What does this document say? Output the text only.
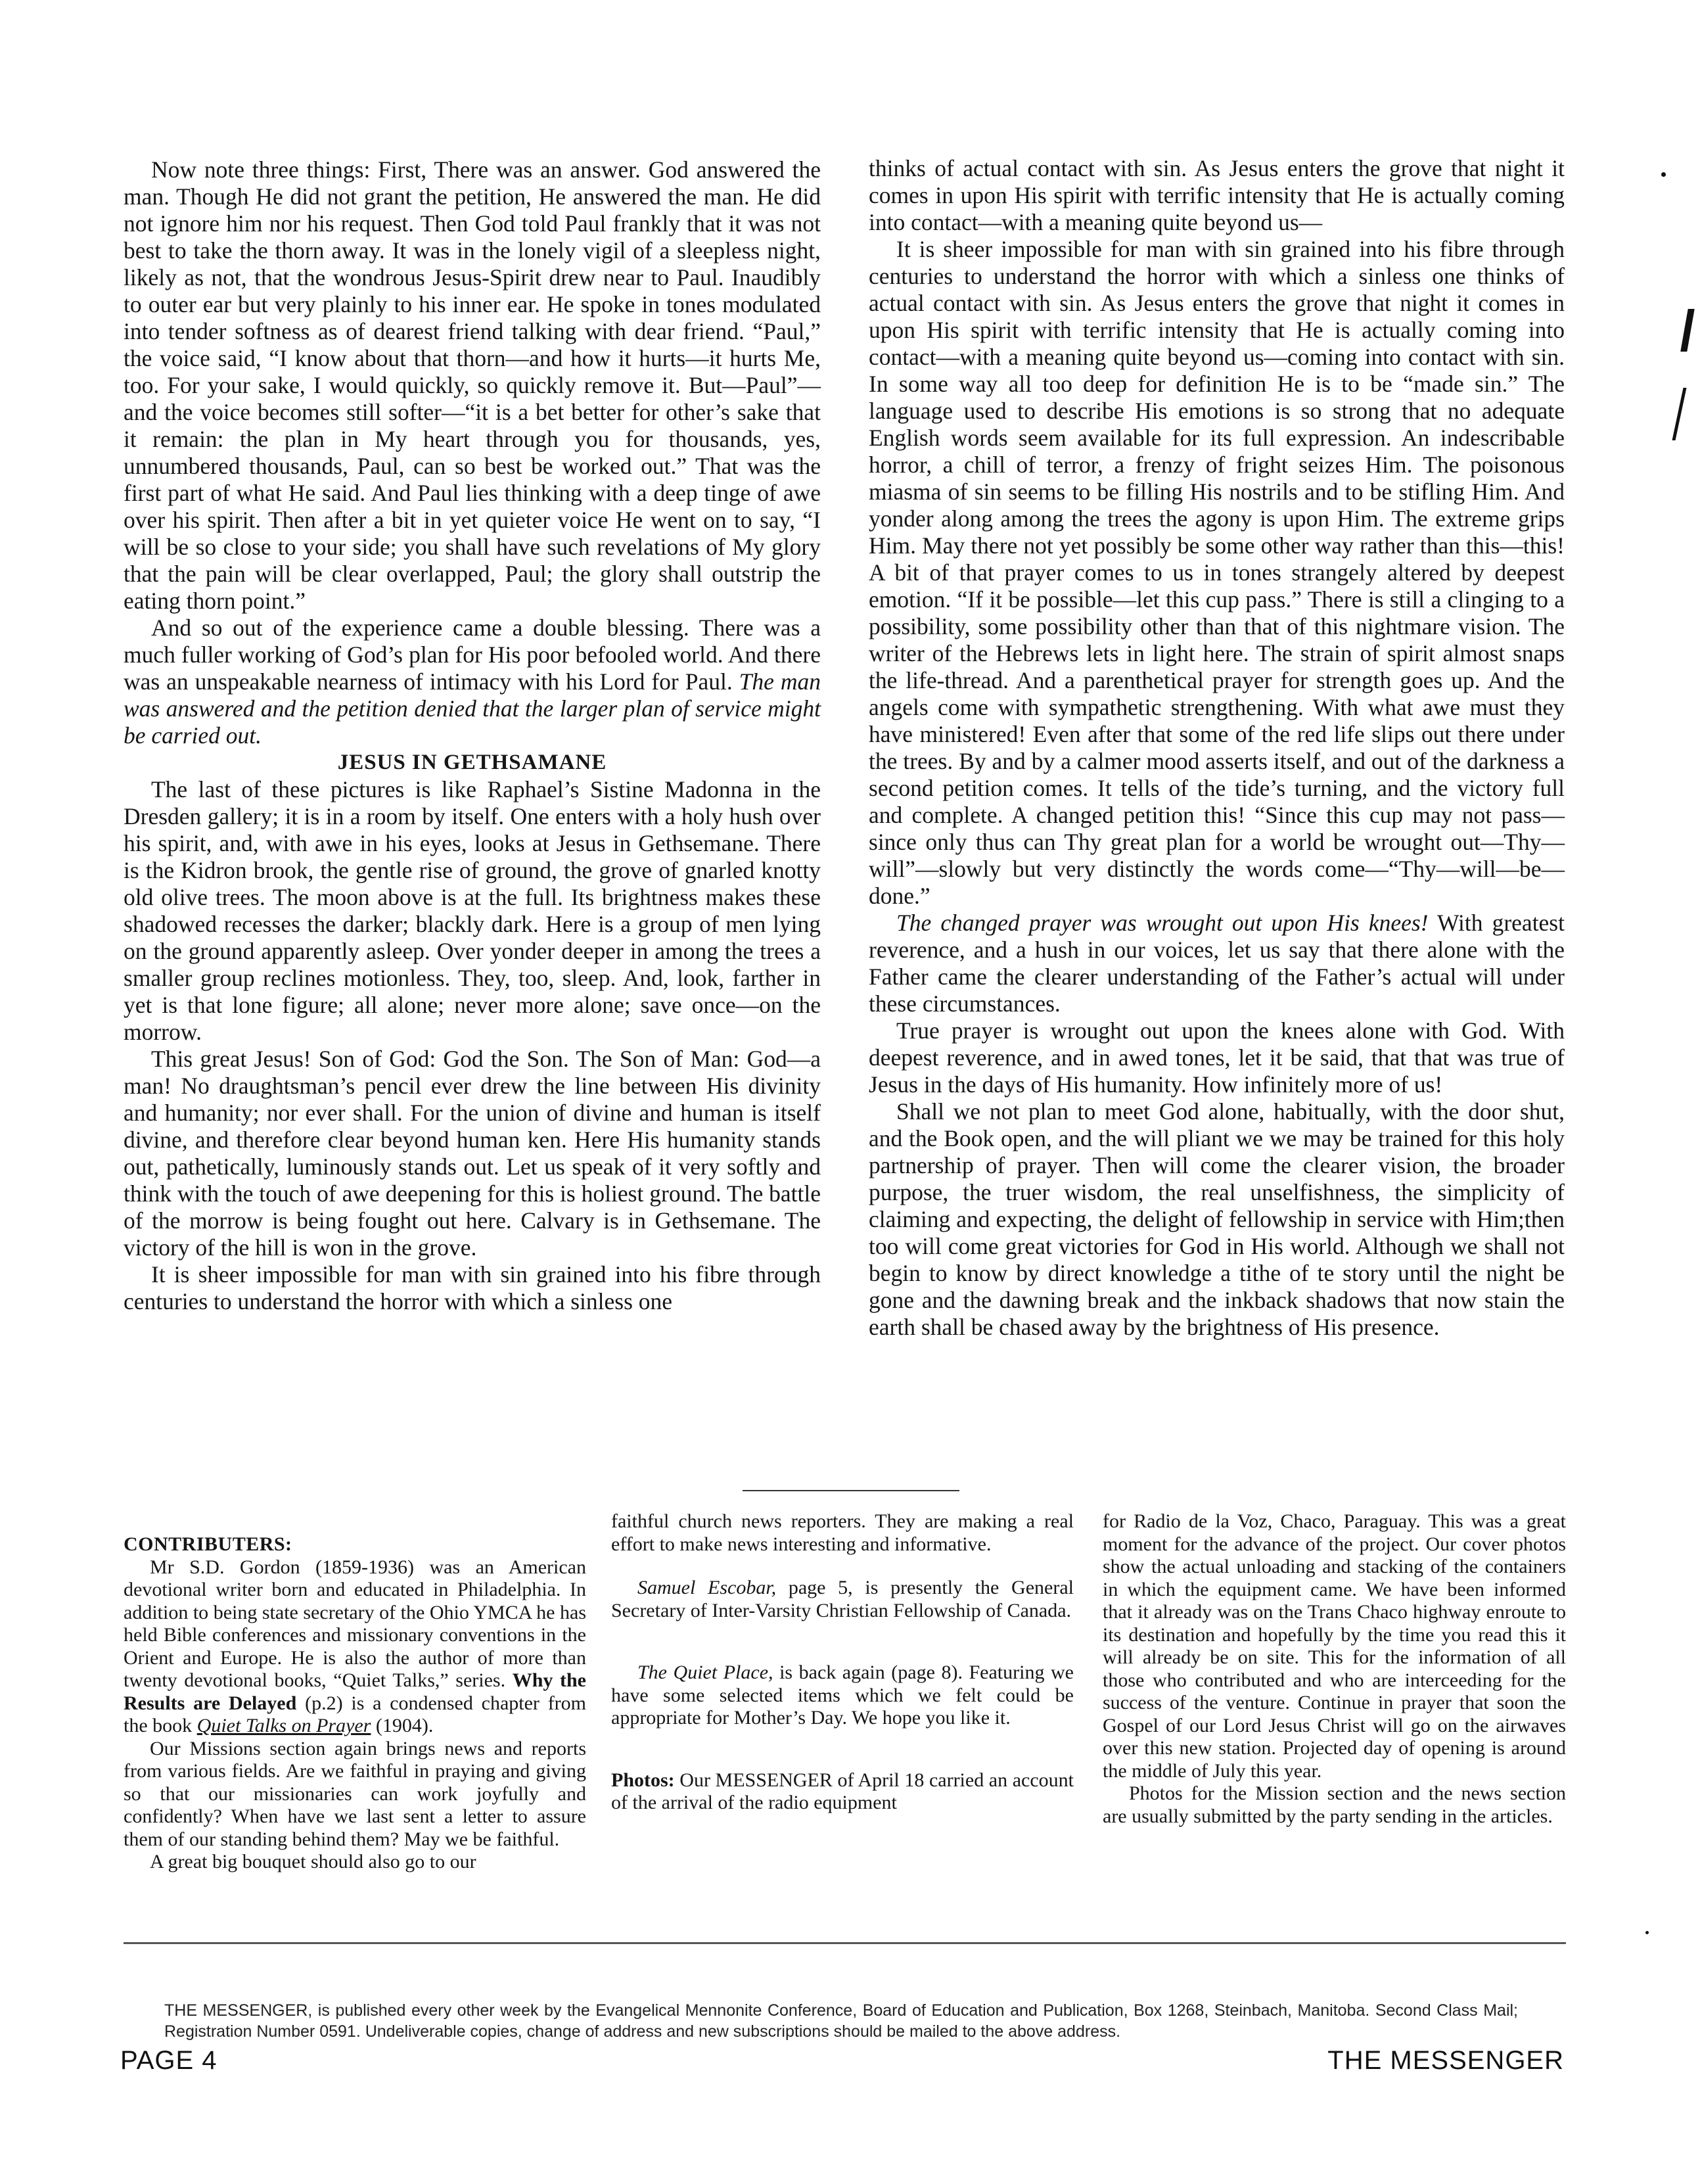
Now note three things: First, There was an answer. God answered the man. Though He did not grant the petition, He answered the man. He did not ignore him nor his request. Then God told Paul frankly that it was not best to take the thorn away. It was in the lonely vigil of a sleepless night, likely as not, that the wondrous Jesus-Spirit drew near to Paul. Inaudibly to outer ear but very plainly to his inner ear. He spoke in tones modulated into tender softness as of dearest friend talking with dear friend. “Paul,” the voice said, “I know about that thorn—and how it hurts—it hurts Me, too. For your sake, I would quickly, so quickly remove it. But—Paul”—and the voice becomes still softer—“it is a bet better for other’s sake that it remain: the plan in My heart through you for thousands, yes, unnumbered thousands, Paul, can so best be worked out.” That was the first part of what He said. And Paul lies thinking with a deep tinge of awe over his spirit. Then after a bit in yet quieter voice He went on to say, “I will be so close to your side; you shall have such revelations of My glory that the pain will be clear overlapped, Paul; the glory shall outstrip the eating thorn point.”

And so out of the experience came a double blessing. There was a much fuller working of God’s plan for His poor befooled world. And there was an unspeakable nearness of intimacy with his Lord for Paul. The man was answered and the petition denied that the larger plan of service might be carried out.

JESUS IN GETHSAMANE

The last of these pictures is like Raphael’s Sistine Madonna in the Dresden gallery; it is in a room by itself. One enters with a holy hush over his spirit, and, with awe in his eyes, looks at Jesus in Gethsemane. There is the Kidron brook, the gentle rise of ground, the grove of gnarled knotty old olive trees. The moon above is at the full. Its brightness makes these shadowed recesses the darker; blackly dark. Here is a group of men lying on the ground apparently asleep. Over yonder deeper in among the trees a smaller group reclines motionless. They, too, sleep. And, look, farther in yet is that lone figure; all alone; never more alone; save once—on the morrow.

This great Jesus! Son of God: God the Son. The Son of Man: God—a man! No draughtsman’s pencil ever drew the line between His divinity and humanity; nor ever shall. For the union of divine and human is itself divine, and therefore clear beyond human ken. Here His humanity stands out, pathetically, luminously stands out. Let us speak of it very softly and think with the touch of awe deepening for this is holiest ground. The battle of the morrow is being fought out here. Calvary is in Gethsemane. The victory of the hill is won in the grove.

It is sheer impossible for man with sin grained into his fibre through centuries to understand the horror with which a sinless one

thinks of actual contact with sin. As Jesus enters the grove that night it comes in upon His spirit with terrific intensity that He is actually coming into contact—with a meaning quite beyond us—

It is sheer impossible for man with sin grained into his fibre through centuries to understand the horror with which a sinless one thinks of actual contact with sin. As Jesus enters the grove that night it comes in upon His spirit with terrific intensity that He is actually coming into contact—with a meaning quite beyond us—coming into contact with sin. In some way all too deep for definition He is to be “made sin.” The language used to describe His emotions is so strong that no adequate English words seem available for its full expression. An indescribable horror, a chill of terror, a frenzy of fright seizes Him. The poisonous miasma of sin seems to be filling His nostrils and to be stifling Him. And yonder along among the trees the agony is upon Him. The extreme grips Him. May there not yet possibly be some other way rather than this—this! A bit of that prayer comes to us in tones strangely altered by deepest emotion. “If it be possible—let this cup pass.” There is still a clinging to a possibility, some possibility other than that of this nightmare vision. The writer of the Hebrews lets in light here. The strain of spirit almost snaps the life-thread. And a parenthetical prayer for strength goes up. And the angels come with sympathetic strengthening. With what awe must they have ministered! Even after that some of the red life slips out there under the trees. By and by a calmer mood asserts itself, and out of the darkness a second petition comes. It tells of the tide’s turning, and the victory full and complete. A changed petition this! “Since this cup may not pass—since only thus can Thy great plan for a world be wrought out—Thy—will”—slowly but very distinctly the words come—“Thy—will—be—done.”

The changed prayer was wrought out upon His knees! With greatest reverence, and a hush in our voices, let us say that there alone with the Father came the clearer understanding of the Father’s actual will under these circumstances.

True prayer is wrought out upon the knees alone with God. With deepest reverence, and in awed tones, let it be said, that that was true of Jesus in the days of His humanity. How infinitely more of us!

Shall we not plan to meet God alone, habitually, with the door shut, and the Book open, and the will pliant we we may be trained for this holy partnership of prayer. Then will come the clearer vision, the broader purpose, the truer wisdom, the real unselfishness, the simplicity of claiming and expecting, the delight of fellowship in service with Him;then too will come great victories for God in His world. Although we shall not begin to know by direct knowledge a tithe of te story until the night be gone and the dawning break and the inkback shadows that now stain the earth shall be chased away by the brightness of His presence.

CONTRIBUTERS:

Mr S.D. Gordon (1859-1936) was an American devotional writer born and educated in Philadelphia. In addition to being state secretary of the Ohio YMCA he has held Bible conferences and missionary conventions in the Orient and Europe. He is also the author of more than twenty devotional books, “Quiet Talks,” series. Why the Results are Delayed (p.2) is a condensed chapter from the book Quiet Talks on Prayer (1904).

Our Missions section again brings news and reports from various fields. Are we faithful in praying and giving so that our missionaries can work joyfully and confidently? When have we last sent a letter to assure them of our standing behind them? May we be faithful.

A great big bouquet should also go to our

faithful church news reporters. They are making a real effort to make news interesting and informative.

Samuel Escobar, page 5, is presently the General Secretary of Inter-Varsity Christian Fellowship of Canada.

The Quiet Place, is back again (page 8). Featuring we have some selected items which we felt could be appropriate for Mother’s Day. We hope you like it.

Photos: Our MESSENGER of April 18 carried an account of the arrival of the radio equipment

for Radio de la Voz, Chaco, Paraguay. This was a great moment for the advance of the project. Our cover photos show the actual unloading and stacking of the containers in which the equipment came. We have been informed that it already was on the Trans Chaco highway enroute to its destination and hopefully by the time you read this it will already be on site. This for the information of all those who contributed and who are interceeding for the success of the venture. Continue in prayer that soon the Gospel of our Lord Jesus Christ will go on the airwaves over this new station. Projected day of opening is around the middle of July this year.

Photos for the Mission section and the news section are usually submitted by the party sending in the articles.

THE MESSENGER, is published every other week by the Evangelical Mennonite Conference, Board of Education and Publication, Box 1268, Steinbach, Manitoba. Second Class Mail; Registration Number 0591. Undeliverable copies, change of address and new subscriptions should be mailed to the above address.
PAGE 4	THE MESSENGER
